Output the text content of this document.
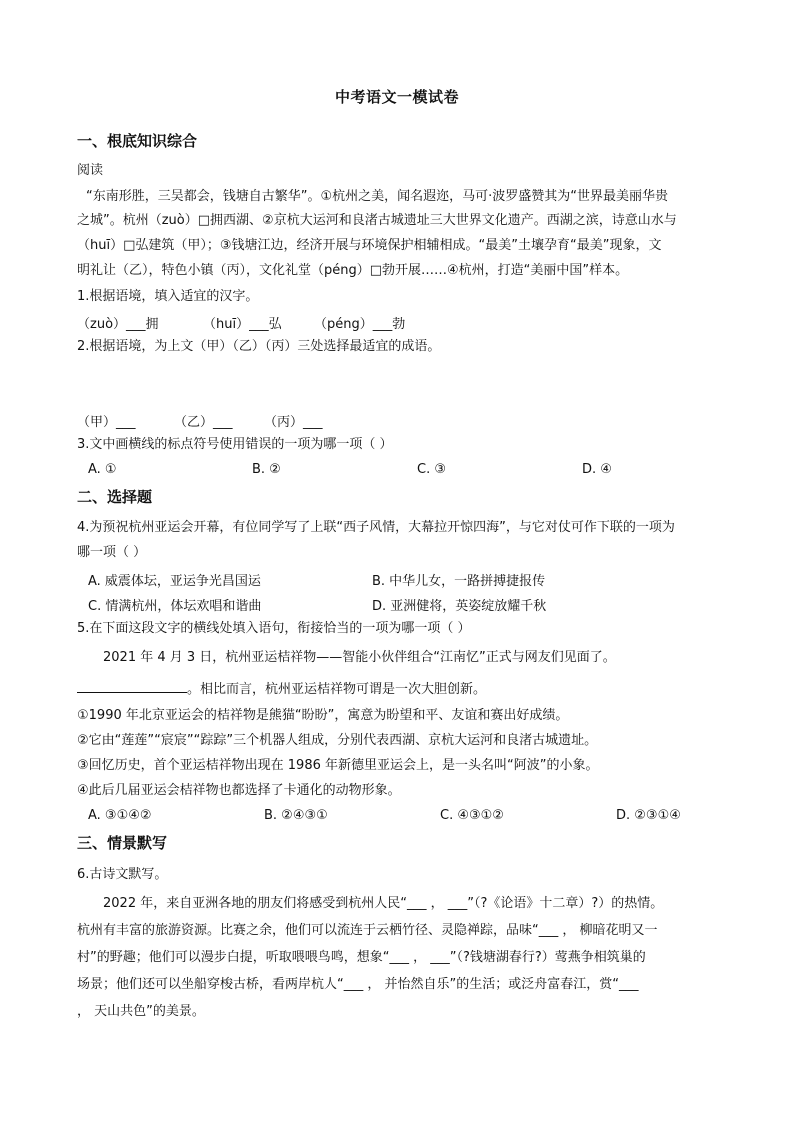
中考语文一模试卷
一、根底知识综合
阅读
“东南形胜，三吴都会，钱塘自古繁华”。①杭州之美，闻名遐迩，马可·波罗盛赞其为“世界最美丽华贵
之城”。杭州（zuò）□拥西湖、②京杭大运河和良渚古城遗址三大世界文化遗产。西湖之滨，诗意山水与
（huī）□弘建筑（甲）；③钱塘江边，经济开展与环境保护相辅相成。“最美”土壤孕育“最美”现象，文
明礼让（乙），特色小镇（丙），文化礼堂（péng）□勃开展……④杭州，打造“美丽中国”样本。
1.根据语境，填入适宜的汉字。
（zuò）___拥	（huī）___弘 （péng）___勃
2.根据语境，为上文（甲）（乙）（丙）三处选择最适宜的成语。
（甲）___	（乙）___ （丙）___
3.文中画横线的标点符号使用错误的一项为哪一项（ ）
A. ①	B. ②	C. ③	D. ④
二、选择题
4.为预祝杭州亚运会开幕，有位同学写了上联“西子风情，大幕拉开惊四海”，与它对仗可作下联的一项为
哪一项（ ）
A. 威震体坛，亚运争光昌国运	B. 中华儿女，一路拼搏捷报传
C. 情满杭州，体坛欢唱和谐曲	D. 亚洲健将，英姿绽放耀千秋
5.在下面这段文字的横线处填入语句，衔接恰当的一项为哪一项（ ）
2021 年 4 月 3 日，杭州亚运桔祥物——智能小伙伴组合“江南忆”正式与网友们见面了。
。相比而言，杭州亚运桔祥物可谓是一次大胆创新。
①1990 年北京亚运会的桔祥物是熊猫“盼盼”，寓意为盼望和平、友谊和赛出好成绩。
②它由“莲莲”“宸宸”“踪踪”三个机器人组成，分别代表西湖、京杭大运河和良渚古城遗址。
③回忆历史，首个亚运桔祥物出现在 1986 年新德里亚运会上，是一头名叫“阿波”的小象。
④此后几届亚运会桔祥物也都选择了卡通化的动物形象。
A. ③①④②	B. ②④③①	C. ④③①②	D. ②③①④
三、情景默写
6.古诗文默写。
2022 年，来自亚洲各地的朋友们将感受到杭州人民“___ ， ___”（?《论语》十二章）?）的热情。
杭州有丰富的旅游资源。比赛之余，他们可以流连于云栖竹径、灵隐禅踪，品味“___ ， 柳暗花明又一
村”的野趣；他们可以漫步白提，听取喂喂鸟鸣，想象“___ ， ___”（?钱塘湖春行?）莺燕争相筑巢的
场景；他们还可以坐船穿梭古桥，看两岸杭人“___ ， 并怡然自乐”的生活；或泛舟富春江，赏“___
， 天山共色”的美景。
